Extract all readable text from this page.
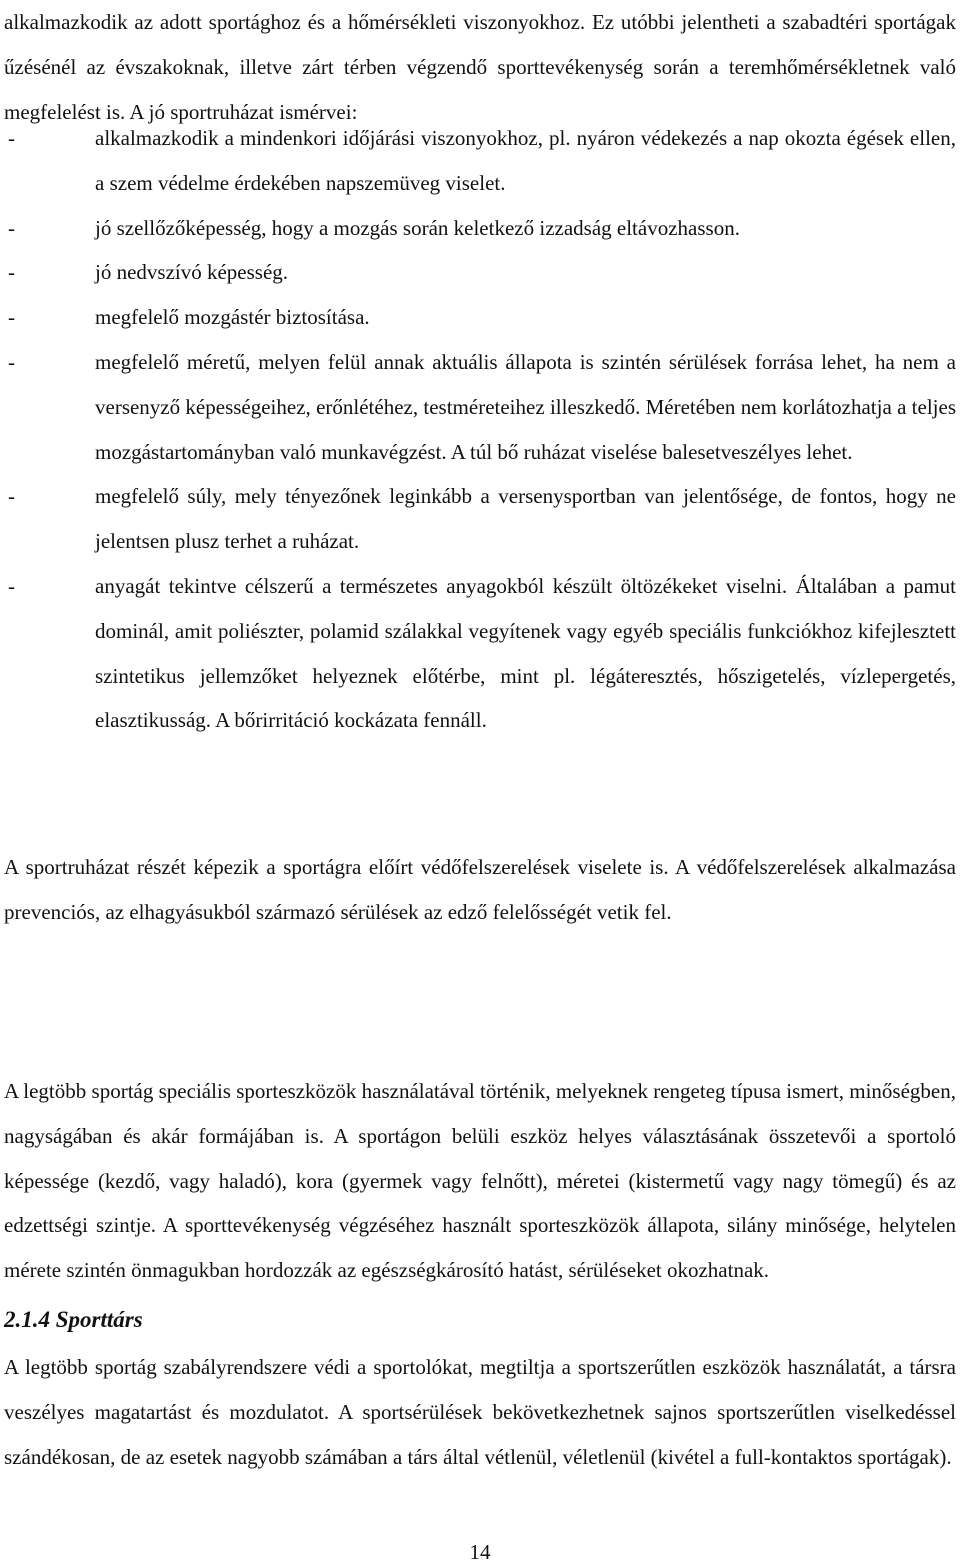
alkalmazkodik az adott sportághoz és a hőmérsékleti viszonyokhoz. Ez utóbbi jelentheti a szabadtéri sportágak űzésénél az évszakoknak, illetve zárt térben végzendő sporttevékenység során a teremhőmérsékletnek való megfelelést is. A jó sportruházat ismérvei:

-	alkalmazkodik a mindenkori időjárási viszonyokhoz, pl. nyáron védekezés a nap okozta égések ellen, a szem védelme érdekében napszemüveg viselet.
-	jó szellőzőképesség, hogy a mozgás során keletkező izzadság eltávozhasson.
-	jó nedvszívó képesség.
-	megfelelő mozgástér biztosítása.
-	megfelelő méretű, melyen felül annak aktuális állapota is szintén sérülések forrása lehet, ha nem a versenyző képességeihez, erőnlétéhez, testméreteihez illeszkedő. Méretében nem korlátozhatja a teljes mozgástartományban való munkavégzést. A túl bő ruházat viselése balesetveszélyes lehet.
-	megfelelő súly, mely tényezőnek leginkább a versenysportban van jelentősége, de fontos, hogy ne jelentsen plusz terhet a ruházat.
-	anyagát tekintve célszerű a természetes anyagokból készült öltözékeket viselni. Általában a pamut dominál, amit poliészter, polamid szálakkal vegyítenek vagy egyéb speciális funkciókhoz kifejlesztett szintetikus jellemzőket helyeznek előtérbe, mint pl. légáteresztés, hőszigetelés, vízlepergetés, elasztikusság. A bőrirritáció kockázata fennáll.

A sportruházat részét képezik a sportágra előírt védőfelszerelések viselete is. A védőfelszerelések alkalmazása prevenciós, az elhagyásukból származó sérülések az edző felelősségét vetik fel.

A legtöbb sportág speciális sporteszközök használatával történik, melyeknek rengeteg típusa ismert, minőségben, nagyságában és akár formájában is. A sportágon belüli eszköz helyes választásának összetevői a sportoló képessége (kezdő, vagy haladó), kora (gyermek vagy felnőtt), méretei (kistermetű vagy nagy tömegű) és az edzettségi szintje. A sporttevékenység végzéséhez használt sporteszközök állapota, silány minősége, helytelen mérete szintén önmagukban hordozzák az egészségkárosító hatást, sérüléseket okozhatnak.

2.1.4 Sporttárs

A legtöbb sportág szabályrendszere védi a sportolókat, megtiltja a sportszerűtlen eszközök használatát, a társra veszélyes magatartást és mozdulatot. A sportsérülések bekövetkezhetnek sajnos sportszerűtlen viselkedéssel szándékosan, de az esetek nagyobb számában a társ által vétlenül, véletlenül (kivétel a full-kontaktos sportágak).

14
